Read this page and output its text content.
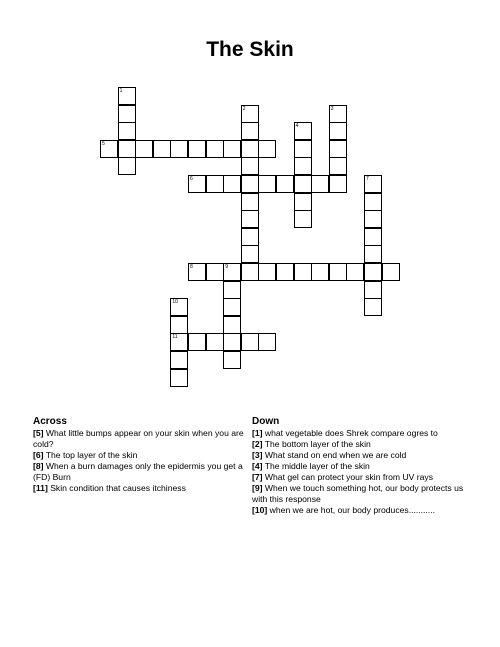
The Skin
1
2	3
4
5
6	7
8	9
10
11
Across
[5] What little bumps appear on your skin when you are cold?
[6] The top layer of the skin
[8] When a burn damages only the epidermis you get a (FD) Burn
[11] Skin condition that causes itchiness
Down
[1] what vegetable does Shrek compare ogres to
[2] The bottom layer of the skin
[3] What stand on end when we are cold
[4] The middle layer of the skin
[7] What gel can protect your skin from UV rays
[9] When we touch something hot, our body protects us with this response
[10] when we are hot, our body produces...........
